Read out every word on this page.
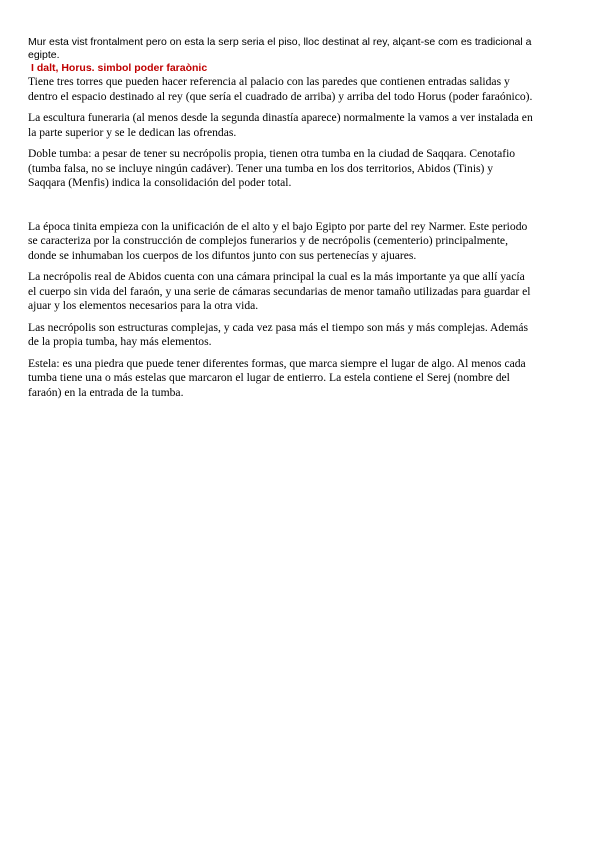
Mur esta vist frontalment pero on esta la serp seria el piso, lloc destinat al rey, alçant-se com es tradicional a egipte.

I dalt, Horus. simbol poder faraònic

Tiene tres torres que pueden hacer referencia al palacio con las paredes que contienen entradas salidas y dentro el espacio destinado al rey (que sería el cuadrado de arriba) y arriba del todo Horus (poder faraónico).

La escultura funeraria (al menos desde la segunda dinastía aparece) normalmente la vamos a ver instalada en la parte superior y se le dedican las ofrendas.

Doble tumba: a pesar de tener su necrópolis propia, tienen otra tumba en la ciudad de Saqqara. Cenotafio (tumba falsa, no se incluye ningún cadáver). Tener una tumba en los dos territorios, Abidos (Tinis) y Saqqara (Menfis) indica la consolidación del poder total.

La época tinita empieza con la unificación de el alto y el bajo Egipto por parte del rey Narmer. Este periodo se caracteriza por la construcción de complejos funerarios y de necrópolis (cementerio) principalmente, donde se inhumaban los cuerpos de los difuntos junto con sus pertenecías y ajuares.

La necrópolis real de Abidos cuenta con una cámara principal la cual es la más importante ya que allí yacía el cuerpo sin vida del faraón, y una serie de cámaras secundarias de menor tamaño utilizadas para guardar el ajuar y los elementos necesarios para la otra vida.

Las necrópolis son estructuras complejas, y cada vez pasa más el tiempo son más y más complejas. Además de la propia tumba, hay más elementos.

Estela: es una piedra que puede tener diferentes formas, que marca siempre el lugar de algo. Al menos cada tumba tiene una o más estelas que marcaron el lugar de entierro. La estela contiene el Serej (nombre del faraón) en la entrada de la tumba.
